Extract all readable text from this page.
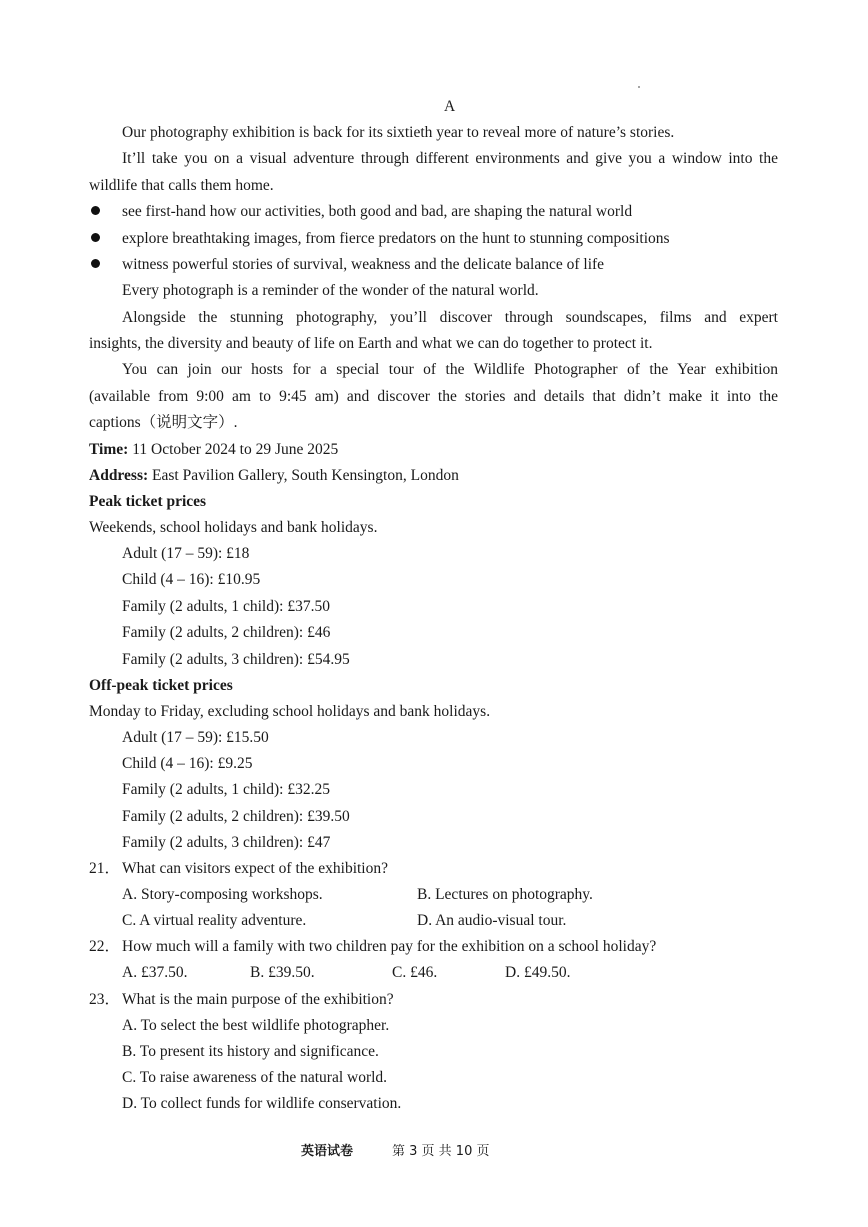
A
Our photography exhibition is back for its sixtieth year to reveal more of nature’s stories.
It’ll take you on a visual adventure through different environments and give you a window into the
wildlife that calls them home.
see first-hand how our activities, both good and bad, are shaping the natural world
explore breathtaking images, from fierce predators on the hunt to stunning compositions
witness powerful stories of survival, weakness and the delicate balance of life
Every photograph is a reminder of the wonder of the natural world.
Alongside the stunning photography, you’ll discover through soundscapes, films and expert
insights, the diversity and beauty of life on Earth and what we can do together to protect it.
You can join our hosts for a special tour of the Wildlife Photographer of the Year exhibition
(available from 9:00 am to 9:45 am) and discover the stories and details that didn’t make it into the
captions（说明文字）.
Time: 11 October 2024 to 29 June 2025
Address: East Pavilion Gallery, South Kensington, London
Peak ticket prices
Weekends, school holidays and bank holidays.
Adult (17 – 59): £18
Child (4 – 16): £10.95
Family (2 adults, 1 child): £37.50
Family (2 adults, 2 children): £46
Family (2 adults, 3 children): £54.95
Off-peak ticket prices
Monday to Friday, excluding school holidays and bank holidays.
Adult (17 – 59): £15.50
Child (4 – 16): £9.25
Family (2 adults, 1 child): £32.25
Family (2 adults, 2 children): £39.50
Family (2 adults, 3 children): £47
21． What can visitors expect of the exhibition?
A. Story-composing workshops.	B. Lectures on photography.
C. A virtual reality adventure.	D. An audio-visual tour.
22． How much will a family with two children pay for the exhibition on a school holiday?
A. £37.50.	B. £39.50.	C. £46.	D. £49.50.
23． What is the main purpose of the exhibition?
A. To select the best wildlife photographer.
B. To present its history and significance.
C. To raise awareness of the natural world.
D. To collect funds for wildlife conservation.
英语试卷	第 3 页 共 10 页
